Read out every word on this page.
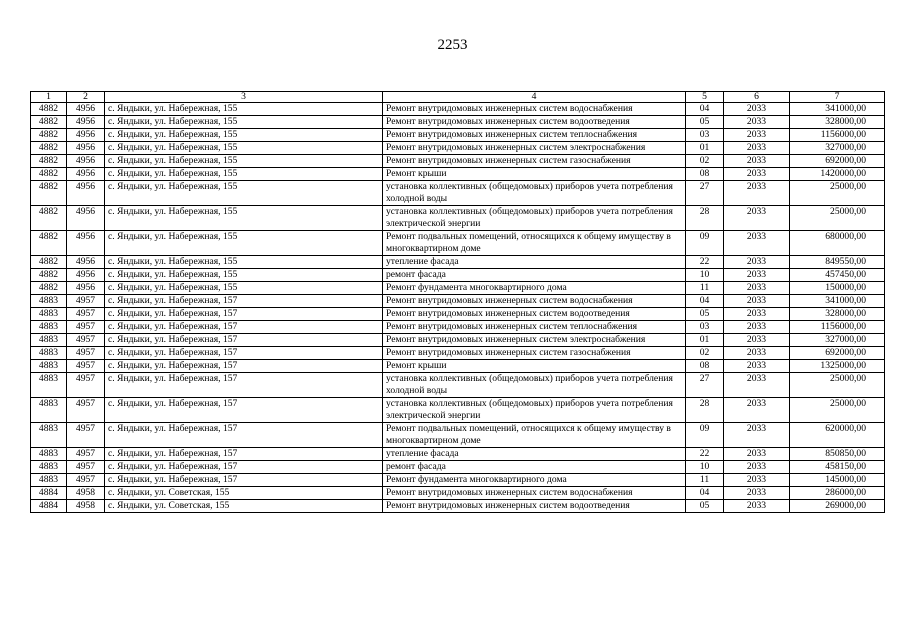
2253
1	2	3	4	5	6	7
4882	4956	с. Яндыки, ул. Набережная, 155	Ремонт внутридомовых инженерных систем водоснабжения	04	2033	341000,00
4882	4956	с. Яндыки, ул. Набережная, 155	Ремонт внутридомовых инженерных систем водоотведения	05	2033	328000,00
4882	4956	с. Яндыки, ул. Набережная, 155	Ремонт внутридомовых инженерных систем теплоснабжения	03	2033	1156000,00
4882	4956	с. Яндыки, ул. Набережная, 155	Ремонт внутридомовых инженерных систем электроснабжения	01	2033	327000,00
4882	4956	с. Яндыки, ул. Набережная, 155	Ремонт внутридомовых инженерных систем газоснабжения	02	2033	692000,00
4882	4956	с. Яндыки, ул. Набережная, 155	Ремонт крыши	08	2033	1420000,00
4882	4956	с. Яндыки, ул. Набережная, 155	установка коллективных (общедомовых) приборов учета потребления холодной воды	27	2033	25000,00
4882	4956	с. Яндыки, ул. Набережная, 155	установка коллективных (общедомовых) приборов учета потребления электрической энергии	28	2033	25000,00
4882	4956	с. Яндыки, ул. Набережная, 155	Ремонт подвальных помещений, относящихся к общему имуществу в многоквартирном доме	09	2033	680000,00
4882	4956	с. Яндыки, ул. Набережная, 155	утепление фасада	22	2033	849550,00
4882	4956	с. Яндыки, ул. Набережная, 155	ремонт фасада	10	2033	457450,00
4882	4956	с. Яндыки, ул. Набережная, 155	Ремонт фундамента многоквартирного дома	11	2033	150000,00
4883	4957	с. Яндыки, ул. Набережная, 157	Ремонт внутридомовых инженерных систем водоснабжения	04	2033	341000,00
4883	4957	с. Яндыки, ул. Набережная, 157	Ремонт внутридомовых инженерных систем водоотведения	05	2033	328000,00
4883	4957	с. Яндыки, ул. Набережная, 157	Ремонт внутридомовых инженерных систем теплоснабжения	03	2033	1156000,00
4883	4957	с. Яндыки, ул. Набережная, 157	Ремонт внутридомовых инженерных систем электроснабжения	01	2033	327000,00
4883	4957	с. Яндыки, ул. Набережная, 157	Ремонт внутридомовых инженерных систем газоснабжения	02	2033	692000,00
4883	4957	с. Яндыки, ул. Набережная, 157	Ремонт крыши	08	2033	1325000,00
4883	4957	с. Яндыки, ул. Набережная, 157	установка коллективных (общедомовых) приборов учета потребления холодной воды	27	2033	25000,00
4883	4957	с. Яндыки, ул. Набережная, 157	установка коллективных (общедомовых) приборов учета потребления электрической энергии	28	2033	25000,00
4883	4957	с. Яндыки, ул. Набережная, 157	Ремонт подвальных помещений, относящихся к общему имуществу в многоквартирном доме	09	2033	620000,00
4883	4957	с. Яндыки, ул. Набережная, 157	утепление фасада	22	2033	850850,00
4883	4957	с. Яндыки, ул. Набережная, 157	ремонт фасада	10	2033	458150,00
4883	4957	с. Яндыки, ул. Набережная, 157	Ремонт фундамента многоквартирного дома	11	2033	145000,00
4884	4958	с. Яндыки, ул. Советская, 155	Ремонт внутридомовых инженерных систем водоснабжения	04	2033	286000,00
4884	4958	с. Яндыки, ул. Советская, 155	Ремонт внутридомовых инженерных систем водоотведения	05	2033	269000,00
